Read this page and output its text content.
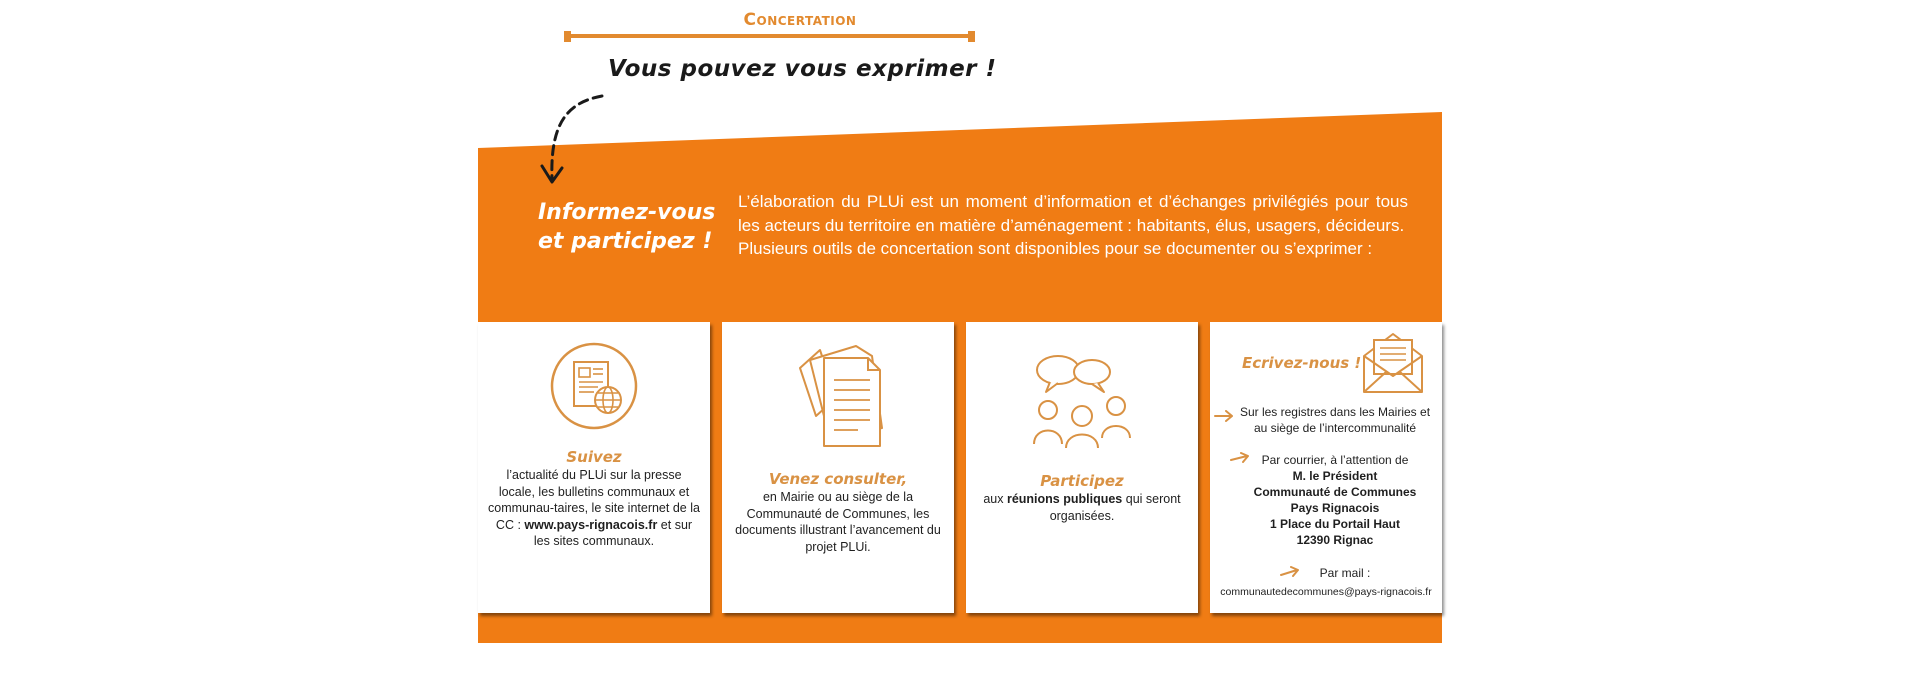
Concertation
Vous pouvez vous exprimer !
Informez-vous
et participez !

L’élaboration du PLUi est un moment d’information et d’échanges privilégiés pour tous les acteurs du territoire en matière d’aménagement : habitants, élus, usagers, décideurs.

Plusieurs outils de concertation sont disponibles pour se documenter ou s’exprimer :

Suivez
l’actualité du PLUi sur la presse locale, les bulletins communaux et communau-taires, le site internet de la CC : www.pays-rignacois.fr et sur les sites communaux.
Venez consulter,
en Mairie ou au siège de la Communauté de Communes, les documents illustrant l’avancement du projet PLUi.
Participez
aux réunions publiques qui seront organisées.
Ecrivez-nous !
Sur les registres dans les Mairies et au siège de l’intercommunalité
Par courrier, à l’attention de
M. le Président
Communauté de Communes
Pays Rignacois
1 Place du Portail Haut
12390 Rignac
Par mail :
communautedecommunes@pays-rignacois.fr
